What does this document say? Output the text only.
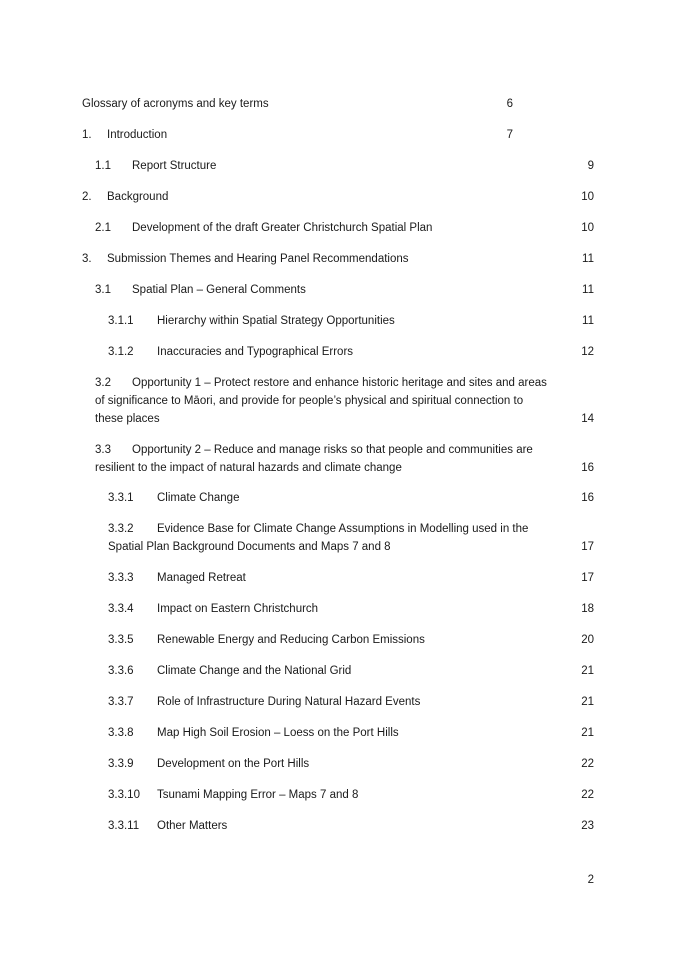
Glossary of acronyms and key terms	6
1. Introduction	7
1.1 Report Structure	9
2. Background	10
2.1 Development of the draft Greater Christchurch Spatial Plan	10
3. Submission Themes and Hearing Panel Recommendations	11
3.1 Spatial Plan – General Comments	11
3.1.1 Hierarchy within Spatial Strategy Opportunities	11
3.1.2 Inaccuracies and Typographical Errors	12
3.2 Opportunity 1 – Protect restore and enhance historic heritage and sites and areas
of significance to Māori, and provide for people’s physical and spiritual connection to
these places	14
3.3 Opportunity 2 – Reduce and manage risks so that people and communities are
resilient to the impact of natural hazards and climate change	16
3.3.1 Climate Change	16
3.3.2 Evidence Base for Climate Change Assumptions in Modelling used in the
Spatial Plan Background Documents and Maps 7 and 8	17
3.3.3 Managed Retreat	17
3.3.4 Impact on Eastern Christchurch	18
3.3.5 Renewable Energy and Reducing Carbon Emissions	20
3.3.6 Climate Change and the National Grid	21
3.3.7 Role of Infrastructure During Natural Hazard Events	21
3.3.8 Map High Soil Erosion – Loess on the Port Hills	21
3.3.9 Development on the Port Hills	22
3.3.10 Tsunami Mapping Error – Maps 7 and 8	22
3.3.11 Other Matters	23
2
